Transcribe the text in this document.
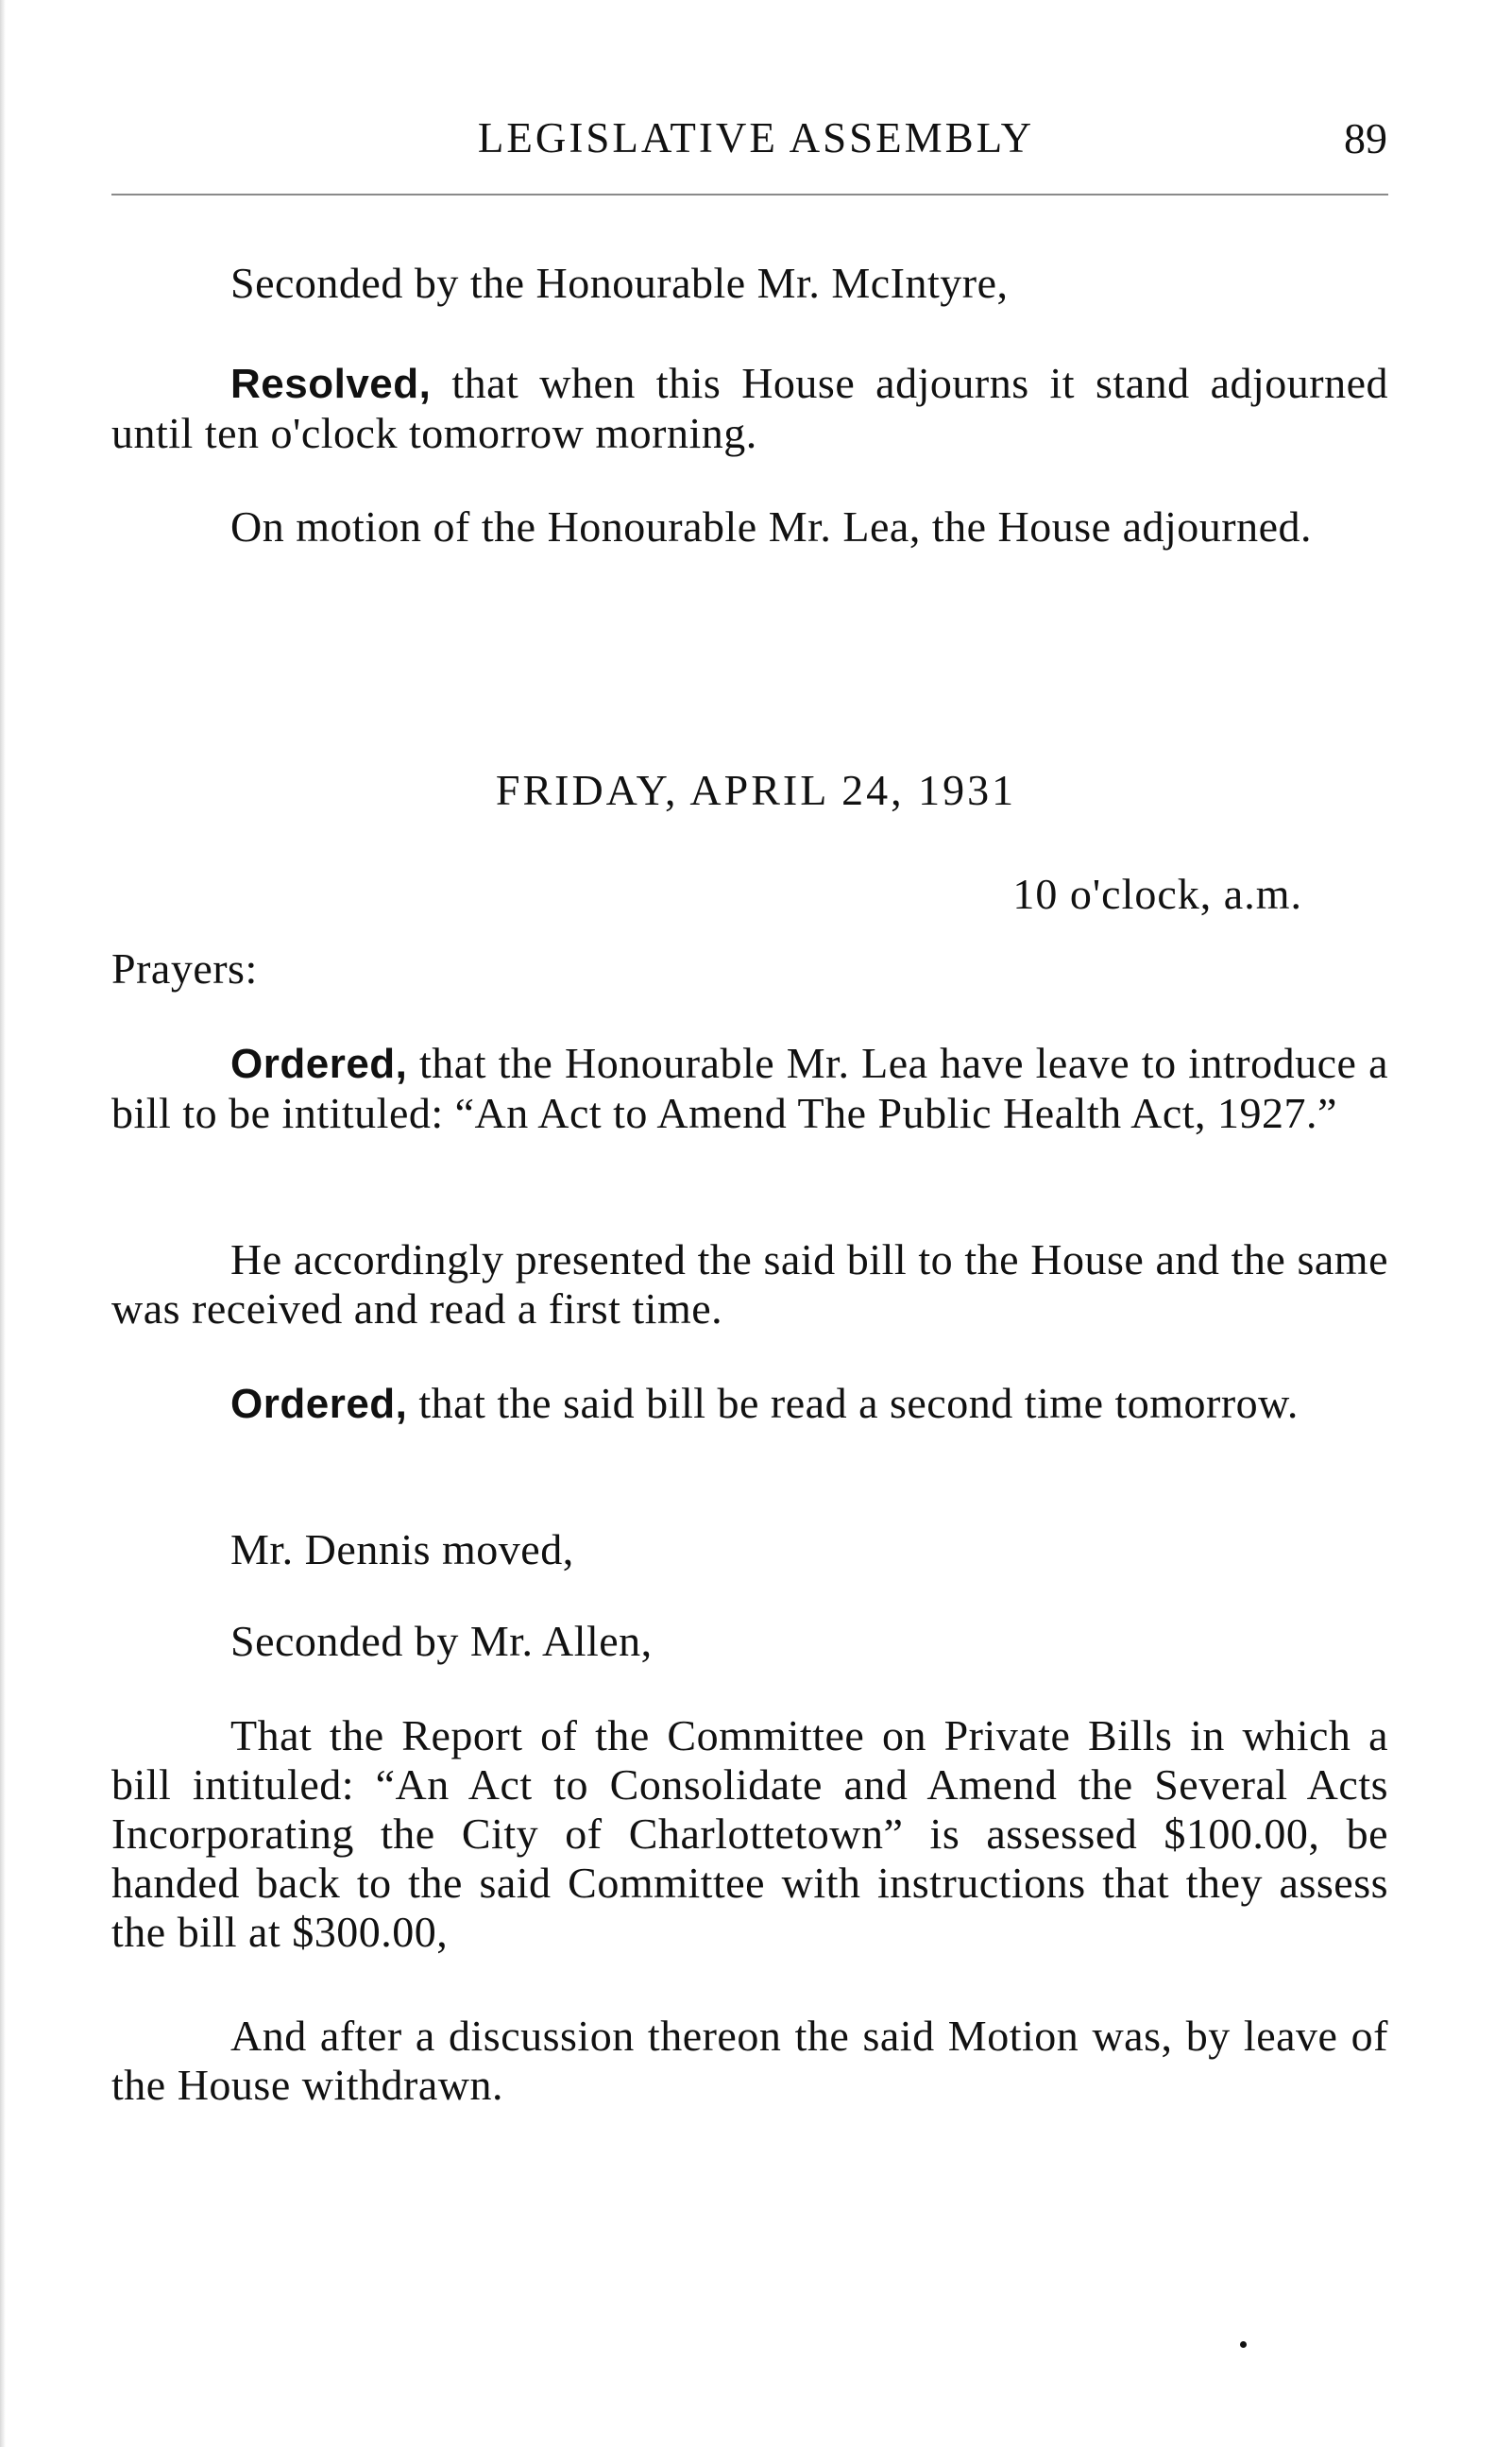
LEGISLATIVE ASSEMBLY	89
Seconded by the Honourable Mr. McIntyre,
Resolved, that when this House adjourns it stand adjourned until ten o'clock tomorrow morning.
On motion of the Honourable Mr. Lea, the House adjourned.
FRIDAY, APRIL 24, 1931
10 o'clock, a.m.
Prayers:
Ordered, that the Honourable Mr. Lea have leave to introduce a bill to be intituled: “An Act to Amend The Public Health Act, 1927.”
He accordingly presented the said bill to the House and the same was received and read a first time.
Ordered, that the said bill be read a second time tomorrow.
Mr. Dennis moved,
Seconded by Mr. Allen,
That the Report of the Committee on Private Bills in which a bill intituled: “An Act to Consolidate and Amend the Several Acts Incorporating the City of Charlottetown” is assessed $100.00, be handed back to the said Committee with instructions that they assess the bill at $300.00,
And after a discussion thereon the said Motion was, by leave of the House withdrawn.
